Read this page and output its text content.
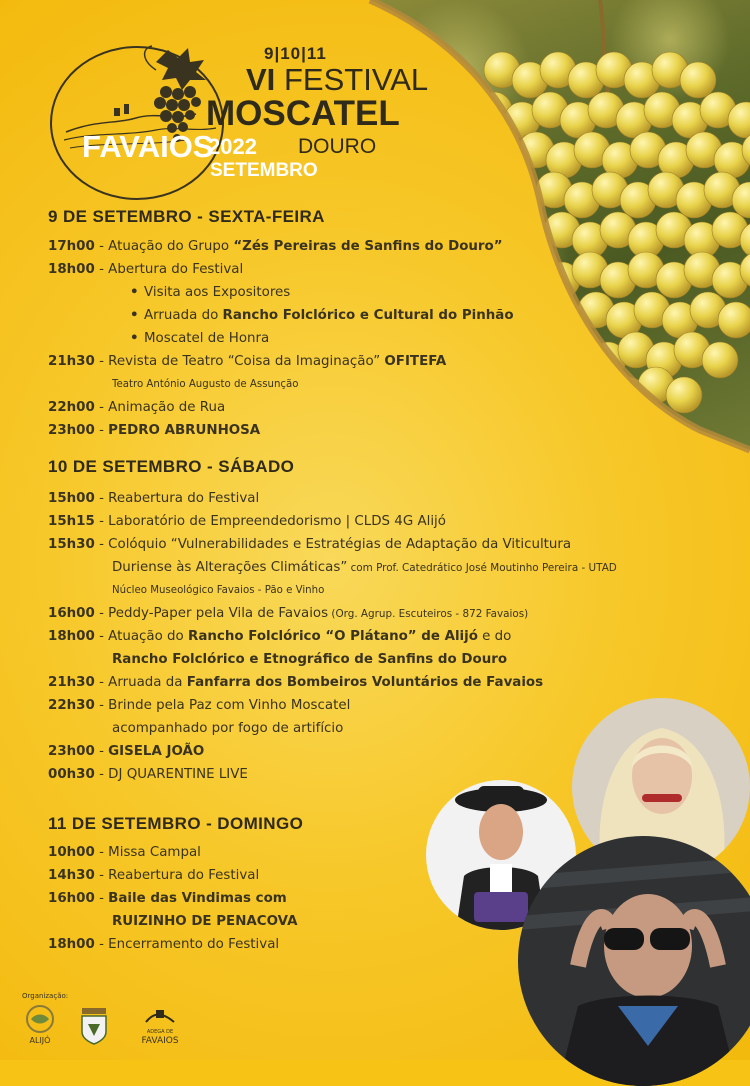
9|10|11
VI FESTIVAL
MOSCATEL
FAVAIOS
2022 DOURO
SETEMBRO
9 DE SETEMBRO - SEXTA-FEIRA
17h00 - Atuação do Grupo “Zés Pereiras de Sanfins do Douro”
18h00 - Abertura do Festival
• Visita aos Expositores
• Arruada do Rancho Folclórico e Cultural do Pinhão
• Moscatel de Honra
21h30 - Revista de Teatro “Coisa da Imaginação” OFITEFA
Teatro António Augusto de Assunção
22h00 - Animação de Rua
23h00 - PEDRO ABRUNHOSA
10 DE SETEMBRO - SÁBADO
15h00 - Reabertura do Festival
15h15 - Laboratório de Empreendedorismo | CLDS 4G Alijó
15h30 - Colóquio “Vulnerabilidades e Estratégias de Adaptação da Viticultura
Duriense às Alterações Climáticas” com Prof. Catedrático José Moutinho Pereira - UTAD
Núcleo Museológico Favaios - Pão e Vinho
16h00 - Peddy-Paper pela Vila de Favaios (Org. Agrup. Escuteiros - 872 Favaios)
18h00 - Atuação do Rancho Folclórico “O Plátano” de Alijó e do
Rancho Folclórico e Etnográfico de Sanfins do Douro
21h30 - Arruada da Fanfarra dos Bombeiros Voluntários de Favaios
22h30 - Brinde pela Paz com Vinho Moscatel
acompanhado por fogo de artifício
23h00 - GISELA JOÃO
00h30 - DJ QUARENTINE LIVE
11 DE SETEMBRO - DOMINGO
10h00 - Missa Campal
14h30 - Reabertura do Festival
16h00 - Baile das Vindimas com
RUIZINHO DE PENACOVA
18h00 - Encerramento do Festival
Organização:
ALIJÓ
ADEGA DE
FAVAIOS
